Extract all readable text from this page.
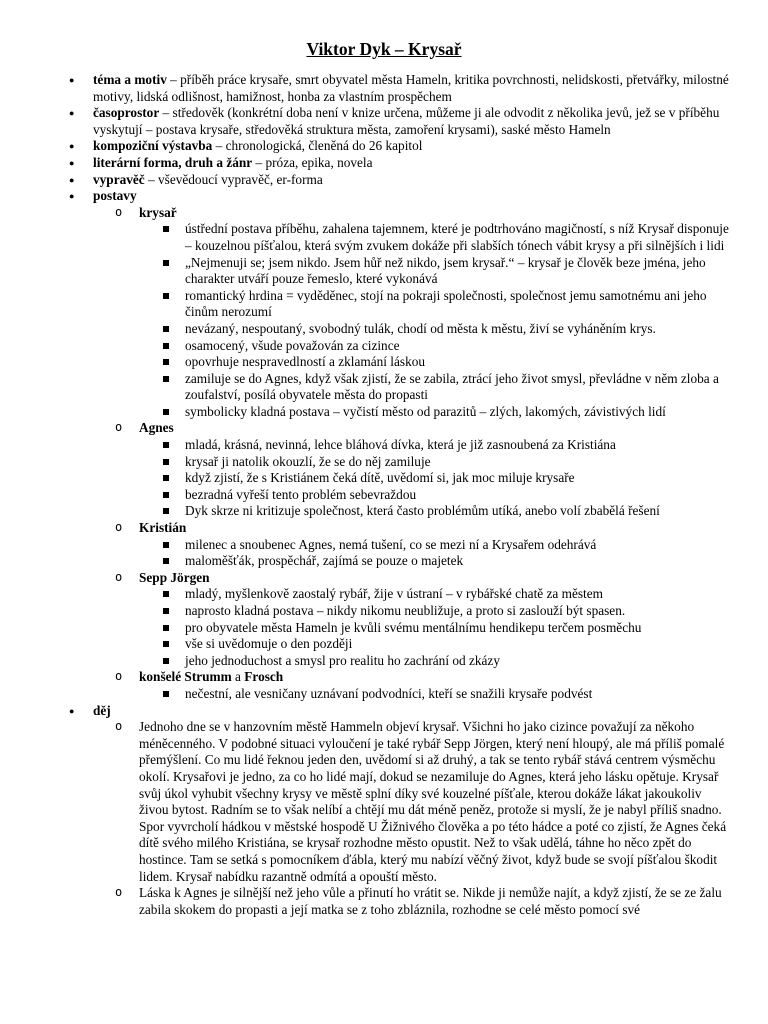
Viktor Dyk – Krysař
● téma a motiv – příběh práce krysaře, smrt obyvatel města Hameln, kritika povrchnosti, nelidskosti, přetvářky, milostné motivy, lidská odlišnost, hamižnost, honba za vlastním prospěchem
● časoprostor – středověk (konkrétní doba není v knize určena, můžeme ji ale odvodit z několika jevů, jež se v příběhu vyskytují – postava krysaře, středověká struktura města, zamoření krysami), saské město Hameln
● kompoziční výstavba – chronologická, členěná do 26 kapitol
● literární forma, druh a žánr – próza, epika, novela
● vypravěč – vševědoucí vypravěč, er-forma
● postavy
o krysař
ústřední postava příběhu, zahalena tajemnem, které je podtrhováno magičností, s níž Krysař disponuje – kouzelnou píšťalou, která svým zvukem dokáže při slabších tónech vábit krysy a při silnějších i lidi
„Nejmenuji se; jsem nikdo. Jsem hůř než nikdo, jsem krysař.“ – krysař je člověk beze jména, jeho charakter utváří pouze řemeslo, které vykonává
romantický hrdina = vyděděnec, stojí na pokraji společnosti, společnost jemu samotnému ani jeho činům nerozumí
nevázaný, nespoutaný, svobodný tulák, chodí od města k městu, živí se vyháněním krys.
osamocený, všude považován za cizince
opovrhuje nespravedlností a zklamání láskou
zamiluje se do Agnes, když však zjistí, že se zabila, ztrácí jeho život smysl, převládne v něm zloba a zoufalství, posílá obyvatele města do propasti
symbolicky kladná postava – vyčistí město od parazitů – zlých, lakomých, závistivých lidí
o Agnes
mladá, krásná, nevinná, lehce bláhová dívka, která je již zasnoubená za Kristiána
krysař ji natolik okouzlí, že se do něj zamiluje
když zjistí, že s Kristiánem čeká dítě, uvědomí si, jak moc miluje krysaře
bezradná vyřeší tento problém sebevraždou
Dyk skrze ni kritizuje společnost, která často problémům utíká, anebo volí zbabělá řešení
o Kristián
milenec a snoubenec Agnes, nemá tušení, co se mezi ní a Krysařem odehrává
maloměšťák, prospěchář, zajímá se pouze o majetek
o Sepp Jörgen
mladý, myšlenkově zaostalý rybář, žije v ústraní – v rybářské chatě za městem
naprosto kladná postava – nikdy nikomu neubližuje, a proto si zaslouží být spasen.
pro obyvatele města Hameln je kvůli svému mentálnímu hendikepu terčem posměchu
vše si uvědomuje o den později
jeho jednoduchost a smysl pro realitu ho zachrání od zkázy
o konšelé Strumm a Frosch
nečestní, ale vesničany uznávaní podvodníci, kteří se snažili krysaře podvést
● děj
o Jednoho dne se v hanzovním městě Hammeln objeví krysař. Všichni ho jako cizince považují za někoho méněcenného. V podobné situaci vyloučení je také rybář Sepp Jörgen, který není hloupý, ale má příliš pomalé přemýšlení. Co mu lidé řeknou jeden den, uvědomí si až druhý, a tak se tento rybář stává centrem výsměchu okolí. Krysařovi je jedno, za co ho lidé mají, dokud se nezamiluje do Agnes, která jeho lásku opětuje. Krysař svůj úkol vyhubit všechny krysy ve městě splní díky své kouzelné píšťale, kterou dokáže lákat jakoukoliv živou bytost. Radním se to však nelíbí a chtějí mu dát méně peněz, protože si myslí, že je nabyl příliš snadno. Spor vyvrcholí hádkou v městské hospodě U Žižnivého člověka a po této hádce a poté co zjistí, že Agnes čeká dítě svého milého Kristiána, se krysař rozhodne město opustit. Než to však udělá, táhne ho něco zpět do hostince. Tam se setká s pomocníkem ďábla, který mu nabízí věčný život, když bude se svojí píšťalou škodit lidem. Krysař nabídku razantně odmítá a opouští město.
o Láska k Agnes je silnější než jeho vůle a přinutí ho vrátit se. Nikde ji nemůže najít, a když zjistí, že se ze žalu zabila skokem do propasti a její matka se z toho zbláznila, rozhodne se celé město pomocí své
